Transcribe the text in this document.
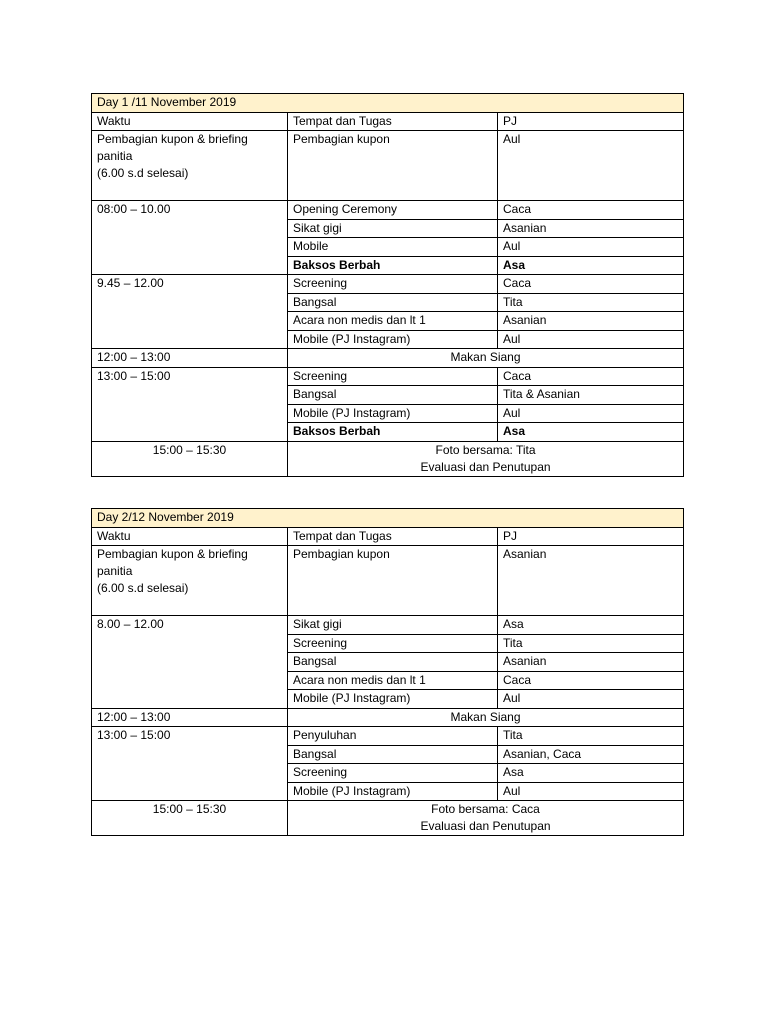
Day 1 /11 November 2019		
Waktu	Tempat dan Tugas	PJ

Pembagian kupon & briefing panitia
(6.00 s.d selesai)	Pembagian kupon	Aul
08:00 – 10.00	Opening Ceremony	Caca
	Sikat gigi	Asanian
	Mobile	Aul
	Baksos Berbah	Asa
9.45 – 12.00	Screening	Caca
	Bangsal	Tita
	Acara non medis dan lt 1	Asanian
	Mobile (PJ Instagram)	Aul
12:00 – 13:00	Makan Siang	
13:00 – 15:00	Screening	Caca
	Bangsal	Tita & Asanian
	Mobile (PJ Instagram)	Aul
	Baksos Berbah	Asa
15:00 – 15:30	Foto bersama: Tita
Evaluasi dan Penutupan	
Day 2/12 November 2019		
Waktu	Tempat dan Tugas	PJ

Pembagian kupon & briefing panitia
(6.00 s.d selesai)	Pembagian kupon	Asanian
8.00 – 12.00	Sikat gigi	Asa
	Screening	Tita
	Bangsal	Asanian
	Acara non medis dan lt 1	Caca
	Mobile (PJ Instagram)	Aul
12:00 – 13:00	Makan Siang	
13:00 – 15:00	Penyuluhan	Tita
	Bangsal	Asanian, Caca
	Screening	Asa
	Mobile (PJ Instagram)	Aul
15:00 – 15:30	Foto bersama: Caca
Evaluasi dan Penutupan	
